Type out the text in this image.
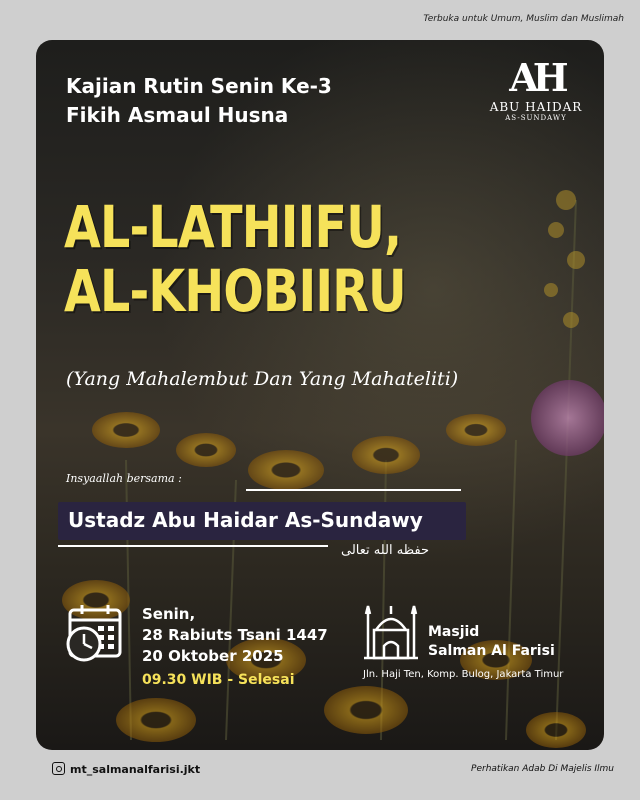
Terbuka untuk Umum, Muslim dan Muslimah
Kajian Rutin Senin Ke-3
Fikih Asmaul Husna
AH
ABU HAIDAR
AS-SUNDAWY
AL-LATHIIFU,
AL-KHOBIIRU
(Yang Mahalembut Dan Yang Mahateliti)
Insyaallah bersama :
Ustadz Abu Haidar As-Sundawy
حفظه الله تعالى
Senin,
28 Rabiuts Tsani 1447
20 Oktober 2025
09.30 WIB - Selesai
Masjid
Salman Al Farisi
Jln. Haji Ten, Komp. Bulog, Jakarta Timur
mt_salmanalfarisi.jkt	Perhatikan Adab Di Majelis Ilmu
